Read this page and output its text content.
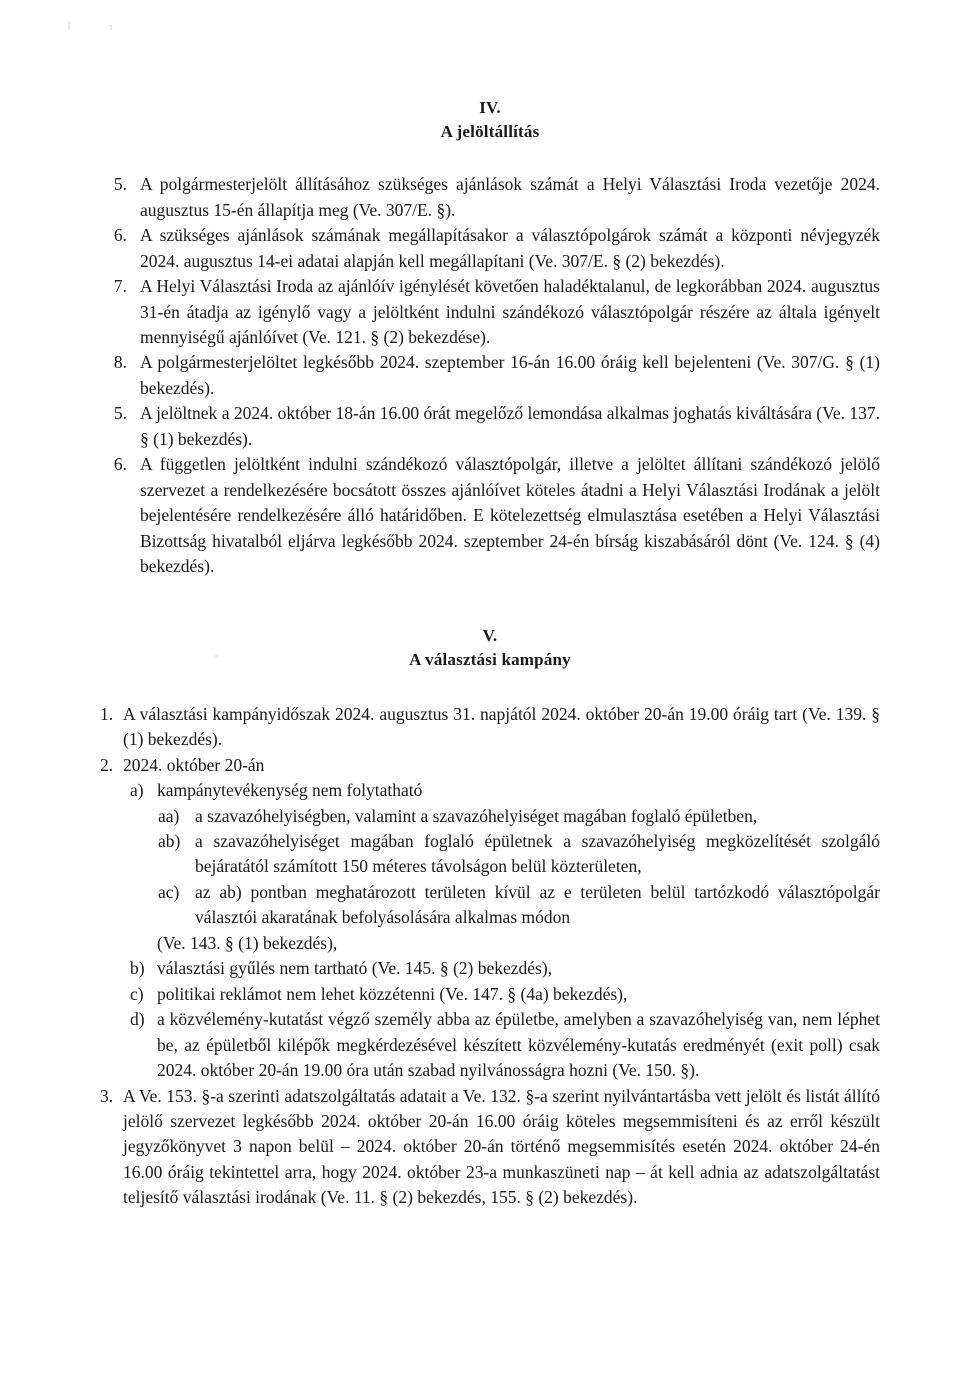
IV.
A jelöltállítás

5. A polgármesterjelölt állításához szükséges ajánlások számát a Helyi Választási Iroda vezetője 2024. augusztus 15-én állapítja meg (Ve. 307/E. §).

6. A szükséges ajánlások számának megállapításakor a választópolgárok számát a központi névjegyzék 2024. augusztus 14-ei adatai alapján kell megállapítani (Ve. 307/E. § (2) bekezdés).

7. A Helyi Választási Iroda az ajánlóív igénylését követően haladéktalanul, de legkorábban 2024. augusztus 31-én átadja az igénylő vagy a jelöltként indulni szándékozó választópolgár részére az általa igényelt mennyiségű ajánlóívet (Ve. 121. § (2) bekezdése).

8. A polgármesterjelöltet legkésőbb 2024. szeptember 16-án 16.00 óráig kell bejelenteni (Ve. 307/G. § (1) bekezdés).

5. A jelöltnek a 2024. október 18-án 16.00 órát megelőző lemondása alkalmas joghatás kiváltására (Ve. 137. § (1) bekezdés).

6. A független jelöltként indulni szándékozó választópolgár, illetve a jelöltet állítani szándékozó jelölő szervezet a rendelkezésére bocsátott összes ajánlóívet köteles átadni a Helyi Választási Irodának a jelölt bejelentésére rendelkezésére álló határidőben. E kötelezettség elmulasztása esetében a Helyi Választási Bizottság hivatalból eljárva legkésőbb 2024. szeptember 24-én bírság kiszabásáról dönt (Ve. 124. § (4) bekezdés).

V.
A választási kampány

1. A választási kampányidőszak 2024. augusztus 31. napjától 2024. október 20-án 19.00 óráig tart (Ve. 139. § (1) bekezdés).

2. 2024. október 20-án

a) kampánytevékenység nem folytatható

aa) a szavazóhelyiségben, valamint a szavazóhelyiséget magában foglaló épületben,

ab) a szavazóhelyiséget magában foglaló épületnek a szavazóhelyiség megközelítését szolgáló bejáratától számított 150 méteres távolságon belül közterületen,

ac) az ab) pontban meghatározott területen kívül az e területen belül tartózkodó választópolgár választói akaratának befolyásolására alkalmas módon

(Ve. 143. § (1) bekezdés),

b) választási gyűlés nem tartható (Ve. 145. § (2) bekezdés),

c) politikai reklámot nem lehet közzétenni (Ve. 147. § (4a) bekezdés),

d) a közvélemény-kutatást végző személy abba az épületbe, amelyben a szavazóhelyiség van, nem léphet be, az épületből kilépők megkérdezésével készített közvélemény-kutatás eredményét (exit poll) csak 2024. október 20-án 19.00 óra után szabad nyilvánosságra hozni (Ve. 150. §).

3. A Ve. 153. §-a szerinti adatszolgáltatás adatait a Ve. 132. §-a szerint nyilvántartásba vett jelölt és listát állító jelölő szervezet legkésőbb 2024. október 20-án 16.00 óráig köteles megsemmisíteni és az erről készült jegyzőkönyvet 3 napon belül – 2024. október 20-án történő megsemmisítés esetén 2024. október 24-én 16.00 óráig tekintettel arra, hogy 2024. október 23-a munkaszüneti nap – át kell adnia az adatszolgáltatást teljesítő választási irodának (Ve. 11. § (2) bekezdés, 155. § (2) bekezdés).
